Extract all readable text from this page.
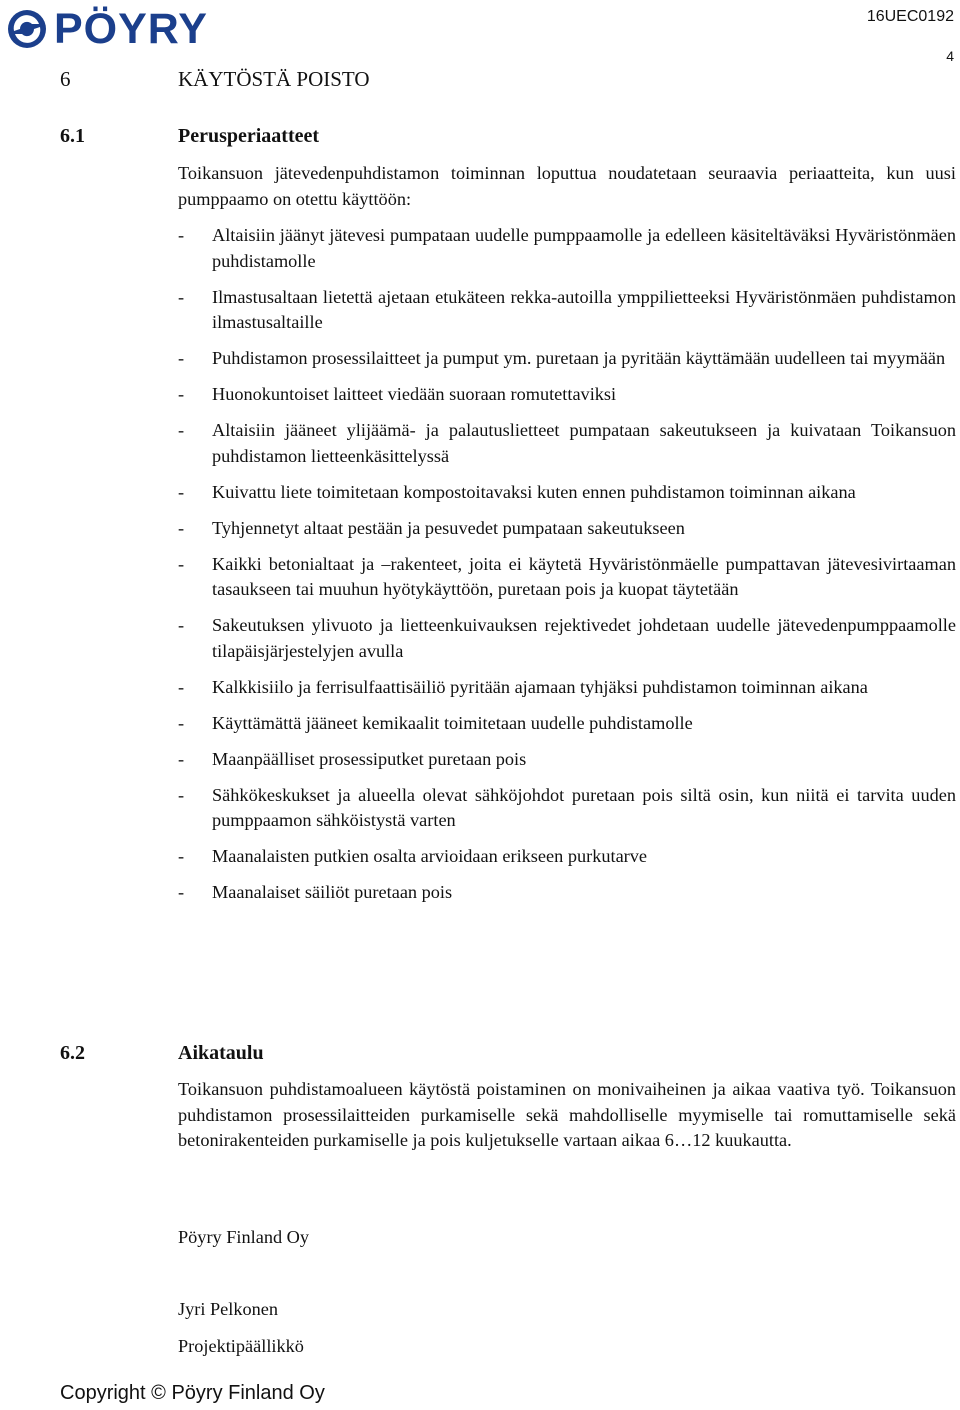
PÖYRY	16UEC0192
4
6	KÄYTÖSTÄ POISTO
6.1	Perusperiaatteet

Toikansuon jätevedenpuhdistamon toiminnan loputtua noudatetaan seuraavia periaatteita, kun uusi pumppaamo on otettu käyttöön:

- Altaisiin jäänyt jätevesi pumpataan uudelle pumppaamolle ja edelleen käsiteltäväksi Hyväristönmäen puhdistamolle
- Ilmastusaltaan lietettä ajetaan etukäteen rekka-autoilla ymppilietteeksi Hyväristönmäen puhdistamon ilmastusaltaille
- Puhdistamon prosessilaitteet ja pumput ym. puretaan ja pyritään käyttämään uudelleen tai myymään
- Huonokuntoiset laitteet viedään suoraan romutettaviksi
- Altaisiin jääneet ylijäämä- ja palautuslietteet pumpataan sakeutukseen ja kuivataan Toikansuon puhdistamon lietteenkäsittelyssä
- Kuivattu liete toimitetaan kompostoitavaksi kuten ennen puhdistamon toiminnan aikana
- Tyhjennetyt altaat pestään ja pesuvedet pumpataan sakeutukseen
- Kaikki betonialtaat ja –rakenteet, joita ei käytetä Hyväristönmäelle pumpattavan jätevesivirtaaman tasaukseen tai muuhun hyötykäyttöön, puretaan pois ja kuopat täytetään
- Sakeutuksen ylivuoto ja lietteenkuivauksen rejektivedet johdetaan uudelle jätevedenpumppaamolle tilapäisjärjestelyjen avulla
- Kalkkisiilo ja ferrisulfaattisäiliö pyritään ajamaan tyhjäksi puhdistamon toiminnan aikana
- Käyttämättä jääneet kemikaalit toimitetaan uudelle puhdistamolle
- Maanpäälliset prosessiputket puretaan pois
- Sähkökeskukset ja alueella olevat sähköjohdot puretaan pois siltä osin, kun niitä ei tarvita uuden pumppaamon sähköistystä varten
- Maanalaisten putkien osalta arvioidaan erikseen purkutarve
- Maanalaiset säiliöt puretaan pois
6.2	Aikataulu

Toikansuon puhdistamoalueen käytöstä poistaminen on monivaiheinen ja aikaa vaativa työ. Toikansuon puhdistamon prosessilaitteiden purkamiselle sekä mahdolliselle myymiselle tai romuttamiselle sekä betonirakenteiden purkamiselle ja pois kuljetukselle vartaan aikaa 6…12 kuukautta.

Pöyry Finland Oy
Jyri Pelkonen
Projektipäällikkö
Copyright © Pöyry Finland Oy
